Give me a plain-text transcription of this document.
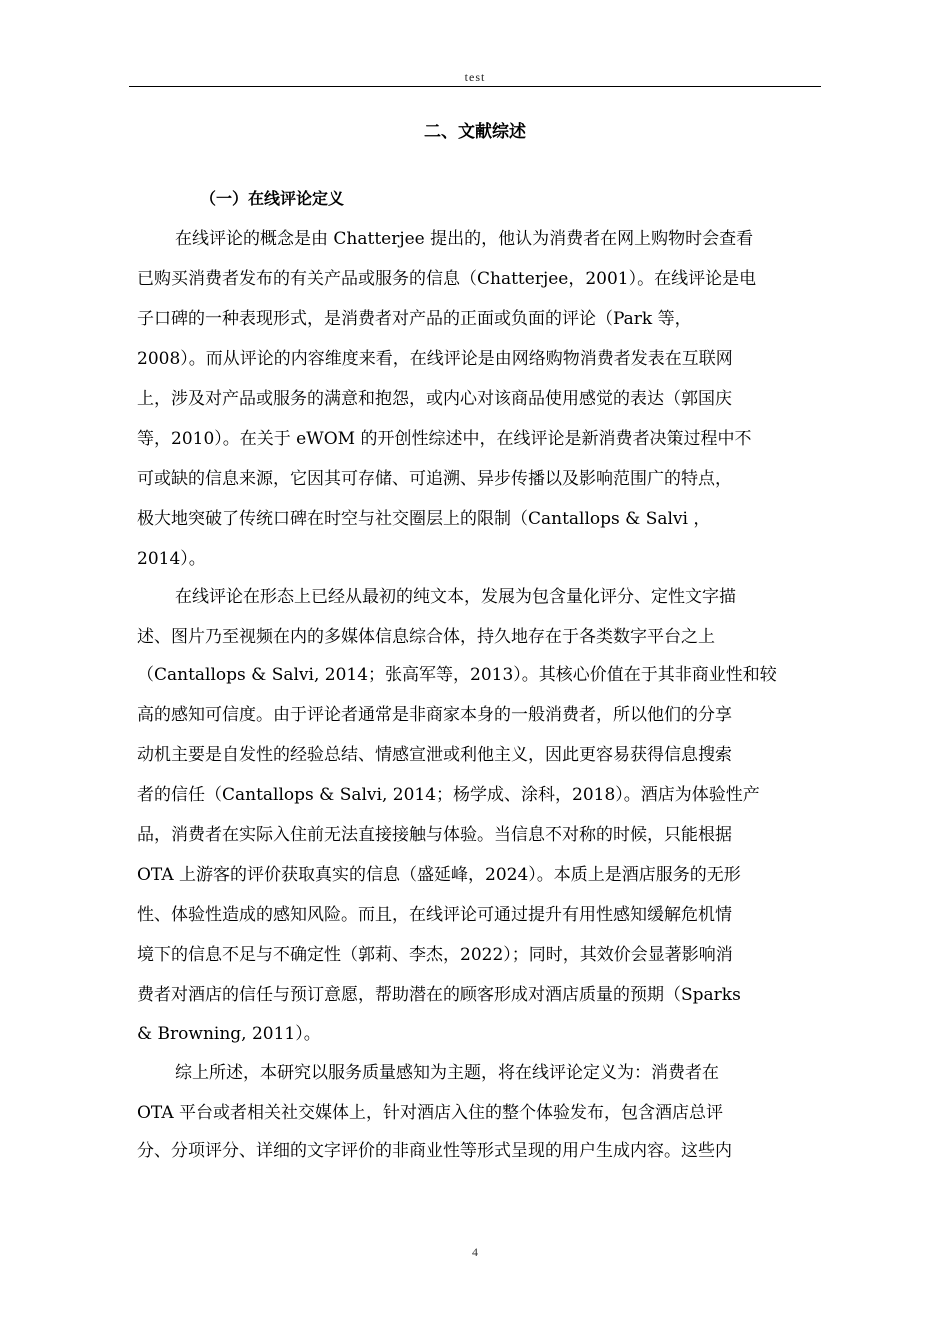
test
二、文献综述
（一）在线评论定义
在线评论的概念是由 Chatterjee 提出的，他认为消费者在网上购物时会查看
已购买消费者发布的有关产品或服务的信息（Chatterjee，2001）。在线评论是电
子口碑的一种表现形式，是消费者对产品的正面或负面的评论（Park 等，
2008）。而从评论的内容维度来看，在线评论是由网络购物消费者发表在互联网
上，涉及对产品或服务的满意和抱怨，或内心对该商品使用感觉的表达（郭国庆
等，2010）。在关于 eWOM 的开创性综述中，在线评论是新消费者决策过程中不
可或缺的信息来源，它因其可存储、可追溯、异步传播以及影响范围广的特点，
极大地突破了传统口碑在时空与社交圈层上的限制（Cantallops & Salvi ，
2014）。
在线评论在形态上已经从最初的纯文本，发展为包含量化评分、定性文字描
述、图片乃至视频在内的多媒体信息综合体，持久地存在于各类数字平台之上
（Cantallops & Salvi, 2014；张高军等，2013）。其核心价值在于其非商业性和较
高的感知可信度。由于评论者通常是非商家本身的一般消费者，所以他们的分享
动机主要是自发性的经验总结、情感宣泄或利他主义，因此更容易获得信息搜索
者的信任（Cantallops & Salvi, 2014；杨学成、涂科，2018）。酒店为体验性产
品，消费者在实际入住前无法直接接触与体验。当信息不对称的时候，只能根据
OTA 上游客的评价获取真实的信息（盛延峰，2024）。本质上是酒店服务的无形
性、体验性造成的感知风险。而且，在线评论可通过提升有用性感知缓解危机情
境下的信息不足与不确定性（郭莉、李杰，2022）；同时，其效价会显著影响消
费者对酒店的信任与预订意愿，帮助潜在的顾客形成对酒店质量的预期（Sparks
& Browning, 2011）。
综上所述，本研究以服务质量感知为主题，将在线评论定义为：消费者在
OTA 平台或者相关社交媒体上，针对酒店入住的整个体验发布，包含酒店总评
分、分项评分、详细的文字评价的非商业性等形式呈现的用户生成内容。这些内
4
